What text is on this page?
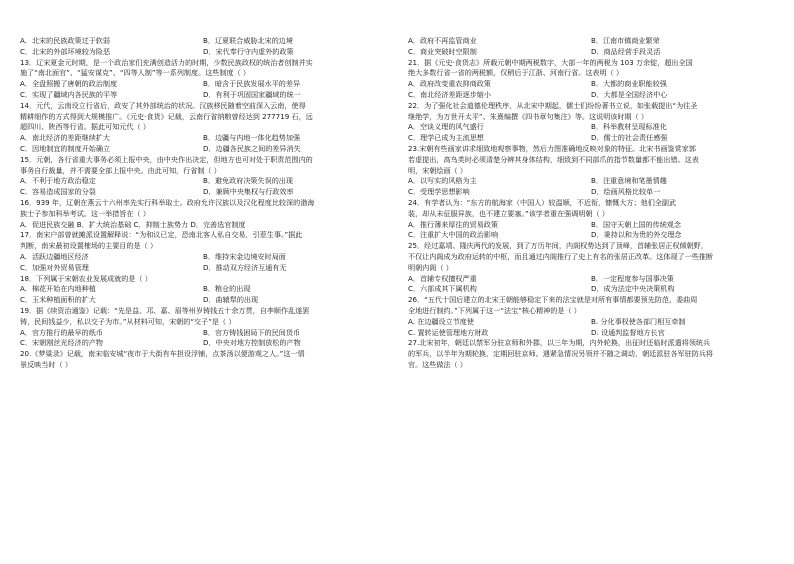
A．北宋的民族政策过于软弱	B．辽夏联合威胁北宋的边境
C．北宋的外部环境较为险恶	D．宋代奉行守内虚外的政策
13．辽宋夏金元时期，是一个政治家们充满创造活力的时期，少数民族政权的统治者创制并实
施了“南北面官”、“猛安谋克”、“四等人制”等一系列制度。这些制度（ ）
A．全盘照搬了唐朝的政治制度	B．暗含于民族发展水平的差异
C．实现了疆域内各民族的平等	D．有利于巩固国家疆域的统一
14．元代，云南设立行省后，政安了其外部统治的状况。汉族移民随着空前深入云南，使得
精耕细作的方式得到大规模推广。《元史·食货》记载，云南行省纳粮曾经达到 277719 石，远
超四川、陕西等行省。据此可知元代（ ）
A．南北经济的差距继续扩大	B．边疆与内地一体化趋势加强
C．因地制宜的制度开始确立	D．边疆各民族之间的差异消失
15．元朝，各行省重大事务必须上报中央，由中央作出决定，但地方也可对处于职责范围内的
事务自行裁量，并不需要全部上报中央。由此可知，行省制（ ）
A．不利于地方政治稳定	B．避免政府决策失误的出现
C．容易造成国家的分裂	D．兼顾中央集权与行政效率
16．939 年，辽朝在燕云十六州率先实行科举取士。政府允许汉族以及汉化程度比较深的渤海
族士子参加科举考试。这一举措旨在（ ）
A．促进民族交融 B．扩大统治基础 C．抑制士族势力 D．完善选官制度
17．南宋户部曾就摊派设置解释说：“为和议已定，恐南北客人私自交易，引惹生事。”据此
判断，南宋最初设置榷场的主要目的是（ ）
A．活跃边疆地区经济	B．维持宋金边境安时局面
C．加强对外贸易管理	D．推动双方经济互通有无
18．下列属于宋朝农业发展成就的是（ ）
A．棉花开始在内地种植	B．粮仓的出现
C．玉米种植面积的扩大	D．曲辕犁的出现
19．据《续资治通鉴》记载：“先是益、邛、嘉、眉等州岁铸钱五十余万贯，自李顺作乱遂罢
铸，民间钱益少，私以交子为市。”从材料可知，宋朝的“交子”是（ ）
A．官方推行的最早的纸币	B．官方铸钱困局下的民间货币
C．宋朝刚丝光经济的产物	D．中央对地方控制放松的产物
20.《梦粱录》记载，南宋临安城“夜市于大街有车担设浮铺，点茶汤以便游观之人。”这一情
景反映当时（ ）
A．政府不再监管商业	B．江南市镇商业繁荣
C．商业突破时空限制	D．商品经营手段灵活
21．据《元史·食货志》所载元朝中期两税数字，大部一年的两税为 103 万余锭，超出全国
绝大多数行省一省的两税额，仅稍后于江浙、河南行省。这表明（ ）
A．政府改变重农抑商政策	B．大都的商业职能较强
C．南北经济差距逐步缩小	D．大都是全国经济中心
22．为了强化社会道德伦理秩序，从北宋中期起，儒士们纷纷著书立说，如张载提出“为往圣
继绝学，为万世开太平”、朱熹编撰《四书章句集注》等。这说明该时期（ ）
A．空谈义理的风气盛行	B．科举教材呈现标准化
C．理学已成为主流思想	D．儒士的社会责任感强
23.宋朝有些画家讲求细致地观察事物，然后力图准确地反映对象的特征。北宋书画鉴赏家郭
若虚提出，高鸟类时必须清楚分辨其身体结构，细致到不同部爪的指节数量都不能出错。这表
明，宋朝绘画（ ）
A．以写实的风格为主	B．注重意境和笔墨情趣
C．受理学思想影响	D．绘画风格比较单一
24．有学者认为：“东方的航海家（中国人）较温顺，不近衔，慷慨大方；他们全副武
装，却从未征服异族，也不建立要塞。”该学者重在强调明朝（ ）
A．推行薄来厚往的贸易政策	B．国守天朝上国的传统观念
C．注重扩大中国的政治影响	D．秉持以和为贵的外交理念
25．经过嘉靖、隆庆两代的发展，到了万历年间，内阁权势达到了顶峰，首辅张居正权倾朝野，
不仅让内阁成为政府运转的中枢，而且通过内阁推行了史上有名的张居正改革。这体现了一些推断
明朝内阁（ ）
A．首辅专权擅权严重	B．一定程度参与国事决策
C．六部成其下属机构	D．成为法定中央决策机构
26．“五代十国后建立的北宋王朝能够稳定下来的法宝就是对所有事情都要预先防范，委曲周
全地进行制约。”下列属于这一“法宝”核心精神的是（ ）
A. 在边疆设立节度使	B. 分化事权使各部门相互牵制
C. 置转运使管理地方财政	D. 设通判监督地方长官
27.北宋初年，朝廷以禁军分驻京师和外郡，以三年为期，内外轮换，出征时还临时派遣将领统兵
的军兵，以半年为期轮换，定期回驻京师。遇紧急情况另领并不随之调动，朝廷派驻各军驻防兵将
官。这些做法（ ）
